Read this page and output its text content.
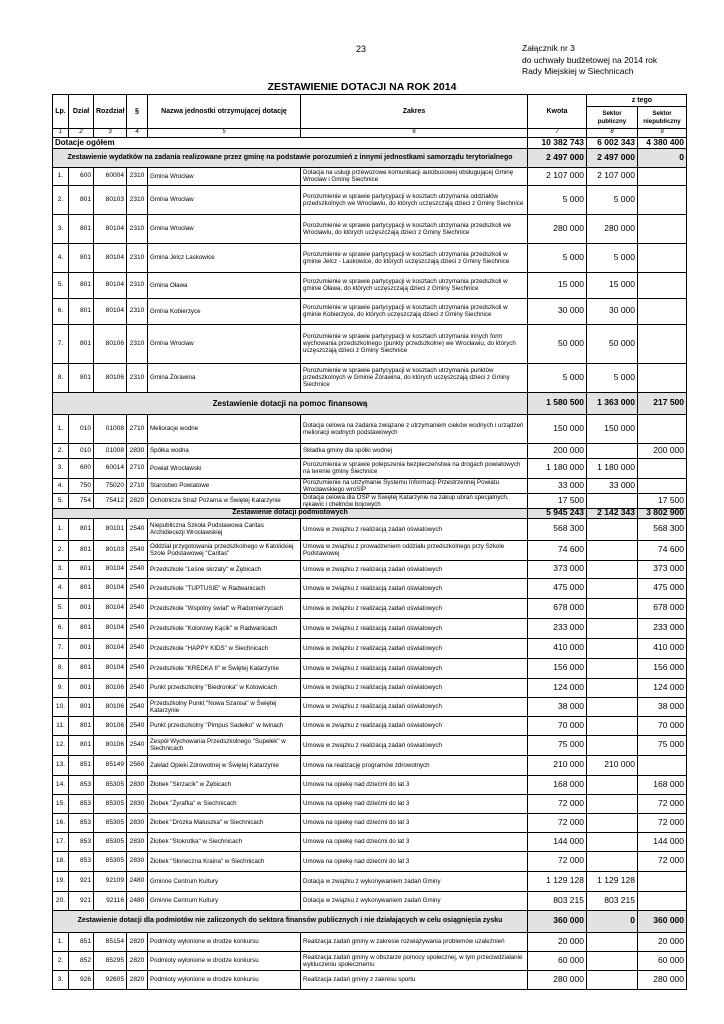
23	Załącznik nr 3
do uchwały budżetowej na 2014 rok
Rady Miejskiej w Siechnicach
ZESTAWIENIE DOTACJI NA ROK 2014
Lp.	Dział	Rozdział	§	Nazwa jednostki otrzymującej dotację	Zakres	Kwota	z tego	
							Sektor publiczny	Sektor niepubliczny
1	2	3	4	5	6	7	8	9
Dotacje ogółem						10 382 743	6 002 343	4 380 400
Zestawienie wydatków na zadania realizowane przez gminę na podstawie porozumień z innymi jednostkami samorządu terytorialnego						2 497 000	2 497 000	0
1.	600	60004	2310	Gmina Wrocław	Dotacja na usługi przewozowe komunikacji autobusowej obsługującej Gminę Wrocław i Gminę Siechnice	2 107 000	2 107 000	
2.	801	80103	2310	Gmina Wrocław	Porozumienie w sprawie partycypacji w kosztach utrzymania oddziałów przedszkolnych we Wrocławiu, do których uczęszczają dzieci z Gminy Siechnice	5 000	5 000	
3.	801	80104	2310	Gmina Wrocław	Porozumienie w sprawie partycypacji w kosztach utrzymania przedszkoli we Wrocławiu, do których uczęszczają dzieci z Gminy Siechnice	280 000	280 000	
4.	801	80104	2310	Gmina Jelcz Laskowice	Porozumienie w sprawie partycypacji w kosztach utrzymania przedszkoli w gminie Jelcz - Laskowice, do których uczęszczają dzieci z Gminy Siechnice	5 000	5 000	
5.	801	80104	2310	Gmina Oława	Porozumienie w sprawie partycypacji w kosztach utrzymania przedszkoli w gminie Oława, do których uczęszczają dzieci z Gminy Siechnice	15 000	15 000	
6.	801	80104	2310	Gmina Kobierzyce	Porozumienie w sprawie partycypacji w kosztach utrzymania przedszkoli w gminie Kobierzyce, do których uczęszczają dzieci z Gminy Siechnice	30 000	30 000	
7.	801	80106	2310	Gmina Wrocław	Porozumienie w sprawie partycypacji w kosztach utrzymania innych form wychowania przedszkolnego (punkty przedszkolne) we Wrocławiu, do których uczęszczają dzieci z Gminy Siechnice	50 000	50 000	
8.	801	80106	2310	Gmina Żórawina	Porozumienie w sprawie partycypacji w kosztach utrzymania punktów przedszkolnych w Gminie Żórawina, do których uczęszczają dzieci z Gminy Siechnice	5 000	5 000	
Zestawienie dotacji na pomoc finansową						1 580 500	1 363 000	217 500
1.	010	01008	2710	Melioracje wodne	Dotacja celowa na zadania związane z utrzymaniem cieków wodnych i urządzeń melioracji wodnych podstawowych	150 000	150 000	
2.	010	01008	2830	Spółka wodna	Składka gminy dla spółki wodnej	200 000		200 000
3.	600	60014	2710	Powiat Wrocławski	Porozumienia w sprawie polepszenia bezpieczeństwa na drogach powiatowych na terenie gminy Siechnice	1 180 000	1 180 000	
4.	750	75020	2710	Starostwo Powiatowe	Porozumienie na utrzymanie Systemu Informacji Przestrzennej Powiatu Wrocławskiego wroSIP	33 000	33 000	
5.	754	75412	2820	Ochotnicza Straż Pożarna w Świętej Katarzynie	Dotacja celowa dla OSP w Świętej Katarzynie na zakup ubrań specjalnych, rękawic i chełmów bojowych	17 500		17 500
Zestawienie dotacji podmiotowych						5 945 243	2 142 343	3 802 900
1.	801	80101	2540	Niepubliczna Szkoła Podstawowa Caritas Archidiecezji Wrocławskiej	Umowa w związku z realizacją zadań oświatowych	568 300		568 300
2.	801	80103	2540	Oddział przygotowania przedszkolnego w Katolickiej Szole Podstawowej "Caritas"	Umowa w związku z prowadzeniem oddziału przedszkolnego przy Szkole Podstawowej	74 600		74 600
3.	801	80104	2540	Przedszkole "Leśne skrzaty" w Żębicach	Umowa w związku z realizacją zadań oświatowych	373 000		373 000
4.	801	80104	2540	Przedszkole "TUPTUSIE" w Radwanicach	Umowa w związku z realizacją zadań oświatowych	475 000		475 000
5.	801	80104	2540	Przedszkole "Wspólny świat" w Radomierzycach	Umowa w związku z realizacją zadań oświatowych	678 000		678 000
6.	801	80104	2540	Przedszkole "Kolorowy Kącik" w Radwanicach	Umowa w związku z realizacją zadań oświatowych	233 000		233 000
7.	801	80104	2540	Przedszkole "HAPPY KIDS" w Siechnicach	Umowa w związku z realizacją zadań oświatowych	410 000		410 000
8.	801	80104	2540	Przedszkole "KREDKA II" w Świętej Katarzynie	Umowa w związku z realizacją zadań oświatowych	156 000		156 000
9.	801	80106	2540	Punkt przedszkolny "Biedronka" w Kotowicach	Umowa w związku z realizacją zadań oświatowych	124 000		124 000
10.	801	80106	2540	Przedszkolny Punkt "Nowa Szansa" w Świętej Katarzynie	Umowa w związku z realizacją zadań oświatowych	38 000		38 000
11.	801	80106	2540	Punkt przedszkolny "Pimpuś Sadełko" w Iwinach	Umowa w związku z realizacją zadań oświatowych	70 000		70 000
12.	801	80106	2540	Zespół Wychowania Przedszkolnego "Supełek" w Siechnicach	Umowa w związku z realizacją zadań oświatowych	75 000		75 000
13.	851	85149	2560	Zakład Opieki Zdrowotnej w Świętej Katarzynie	Umowa na realizację programów zdrowotnych	210 000	210 000	
14.	853	85305	2830	Żłobek "Skrzacik" w Żębicach	Umowa na opiekę nad dziećmi do lat 3	168 000		168 000
15.	853	85305	2830	Żłobek "Żyrafka" w Siechnicach	Umowa na opiekę nad dziećmi do lat 3	72 000		72 000
16.	853	85305	2830	Żłobek "Drózka Maluszka" w Siechnicach	Umowa na opiekę nad dziećmi do lat 3	72 000		72 000
17.	853	85305	2830	Żłobek "Stokrotka" w Siechnicach	Umowa na opiekę nad dziećmi do lat 3	144 000		144 000
18.	853	85305	2830	Żłobek "Słoneczna Kraina" w Siechnicach	Umowa na opiekę nad dziećmi do lat 3	72 000		72 000
19.	921	92109	2480	Gminne Centrum Kultury	Dotacja w związku z wykonywaniem zadań Gminy	1 129 128	1 129 128	
20.	921	92116	2480	Gminne Centrum Kultury	Dotacja w związku z wykonywaniem zadań Gminy	803 215	803 215	
Zestawienie dotacji dla podmiotów nie zaliczonych do sektora finansów publicznych i nie działających w celu osiągnięcia zysku						360 000	0	360 000
1.	851	85154	2820	Podmioty wyłonione w drodze konkursu	Realizacja zadań gminy w zakresie rozwiązywania problemów uzależnień	20 000		20 000
2.	852	85295	2820	Podmioty wyłonione w drodze konkursu	Realizacja zadań gminy w obszarze pomocy społecznej, w tym przeciwdziałanie wykluczeniu społecznemu	60 000		60 000
3.	926	92605	2820	Podmioty wyłonione w drodze konkursu	Realizacja zadań gminy z zakresu sportu	280 000		280 000
